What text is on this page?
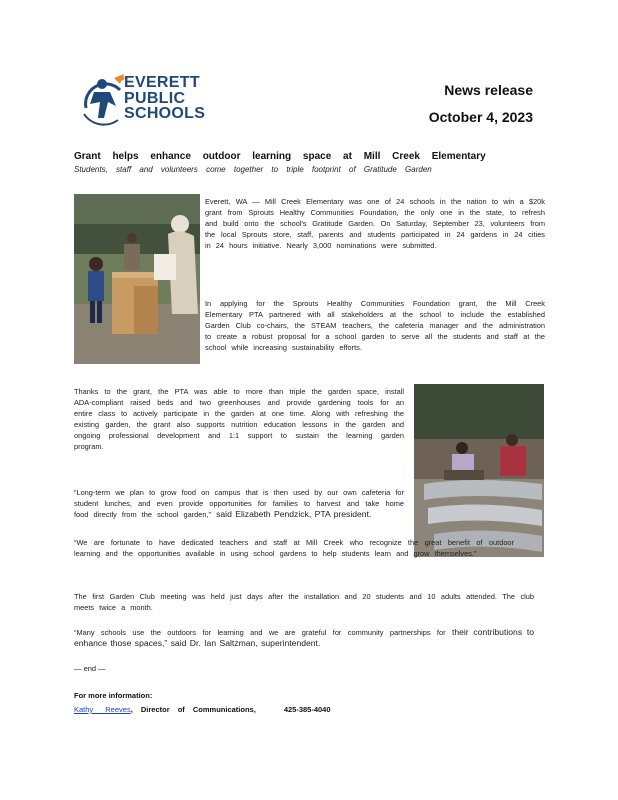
EVERETT
PUBLIC
SCHOOLS
News release
October 4, 2023
Grant helps enhance outdoor learning space at Mill Creek Elementary
Students, staff and volunteers come together to triple footprint of Gratitude Garden
Everett, WA — Mill Creek Elementary was one of 24 schools in the nation to win a $20k grant from Sprouts Healthy Communities Foundation, the only one in the state, to refresh and build onto the school's Gratitude Garden. On Saturday, September 23, volunteers from the local Sprouts store, staff, parents and students participated in 24 gardens in 24 cities in 24 hours initiative. Nearly 3,000 nominations were submitted.
In applying for the Sprouts Healthy Communities Foundation grant, the Mill Creek Elementary PTA partnered with all stakeholders at the school to include the established Garden Club co-chairs, the STEAM teachers, the cafeteria manager and the administration to create a robust proposal for a school garden to serve all the students and staff at the school while increasing sustainability efforts.
Thanks to the grant, the PTA was able to more than triple the garden space, install ADA-compliant raised beds and two greenhouses and provide gardening tools for an entire class to actively participate in the garden at one time. Along with refreshing the existing garden, the grant also supports nutrition education lessons in the garden and ongoing professional development and 1:1 support to sustain the learning garden program.
“Long-term we plan to grow food on campus that is then used by our own cafeteria for student lunches, and even provide opportunities for families to harvest and take home food directly from the school garden,” said Elizabeth Pendzick, PTA president.
“We are fortunate to have dedicated teachers and staff at Mill Creek who recognize the great benefit of outdoor learning and the opportunities available in using school gardens to help students learn and grow themselves.”
The first Garden Club meeting was held just days after the installation and 20 students and 10 adults attended. The club meets twice a month.
“Many schools use the outdoors for learning and we are grateful for community partnerships for their contributions to enhance those spaces,” said Dr. Ian Saltzman, superintendent.
— end —
For more information:
Kathy Reeves, Director of Communications,	425-385-4040
